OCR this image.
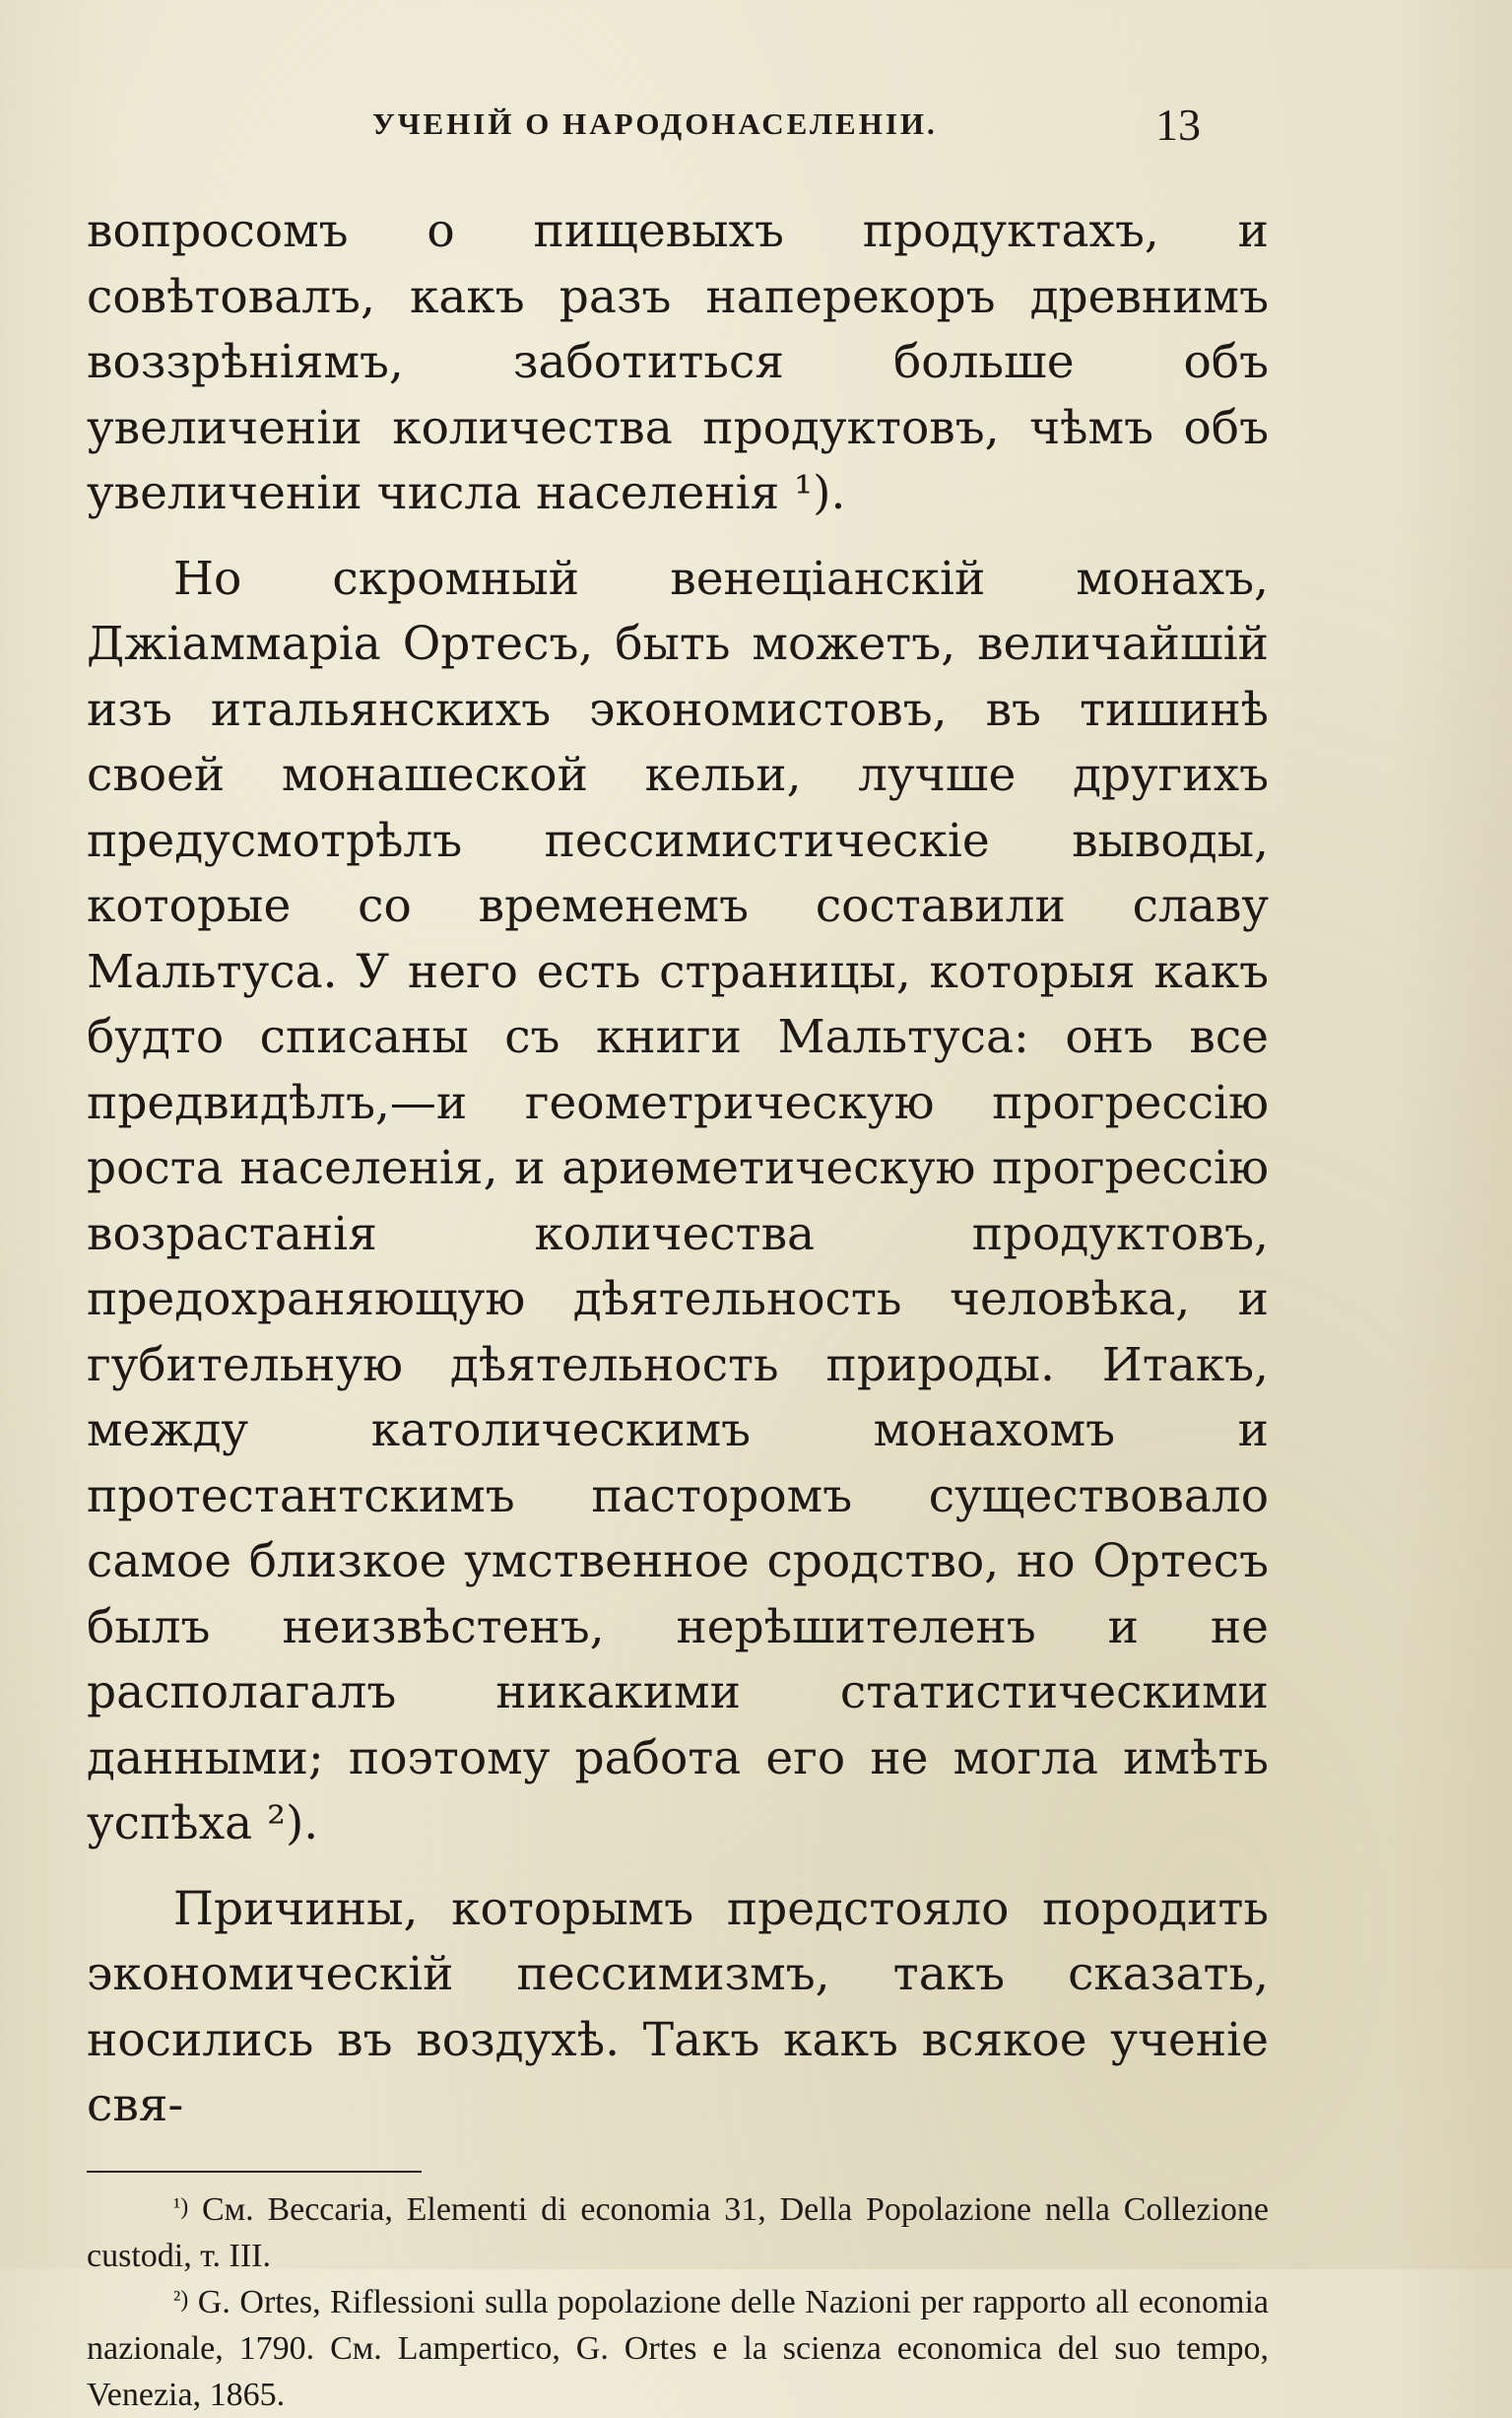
УЧЕНІЙ О НАРОДОНАСЕЛЕНІИ.	13

вопросомъ о пищевыхъ продуктахъ, и совѣтовалъ, какъ разъ наперекоръ древнимъ воззрѣніямъ, заботиться больше объ увеличеніи количества продуктовъ, чѣмъ объ увеличеніи числа населенія ¹).

Но скромный венеціанскій монахъ, Джіаммаріа Ортесъ, быть можетъ, величайшій изъ итальянскихъ экономистовъ, въ тишинѣ своей монашеской кельи, лучше другихъ предусмотрѣлъ пессимистическіе выводы, которые со временемъ составили славу Мальтуса. У него есть страницы, которыя какъ будто списаны съ книги Мальтуса: онъ все предвидѣлъ,—и геометрическую прогрессію роста населенія, и ариѳметическую прогрессію возрастанія количества продуктовъ, предохраняющую дѣятельность человѣка, и губительную дѣятельность природы. Итакъ, между католическимъ монахомъ и протестантскимъ пасторомъ существовало самое близкое умственное сродство, но Ортесъ былъ неизвѣстенъ, нерѣшителенъ и не располагалъ никакими статистическими данными; поэтому работа его не могла имѣть успѣха ²).

Причины, которымъ предстояло породить экономическій пессимизмъ, такъ сказать, носились въ воздухѣ. Такъ какъ всякое ученіе свя-

$^{^1)}$ См. Beccaria, Elementi di economia 31, Della Popolazione nella Collezione custodi, т. III.

$^{^2)}$ G. Ortes, Riflessioni sulla popolazione delle Nazioni per rapporto all economia nazionale, 1790. См. Lampertico, G. Ortes e la scienza economica del suo tempo, Venezia, 1865.
